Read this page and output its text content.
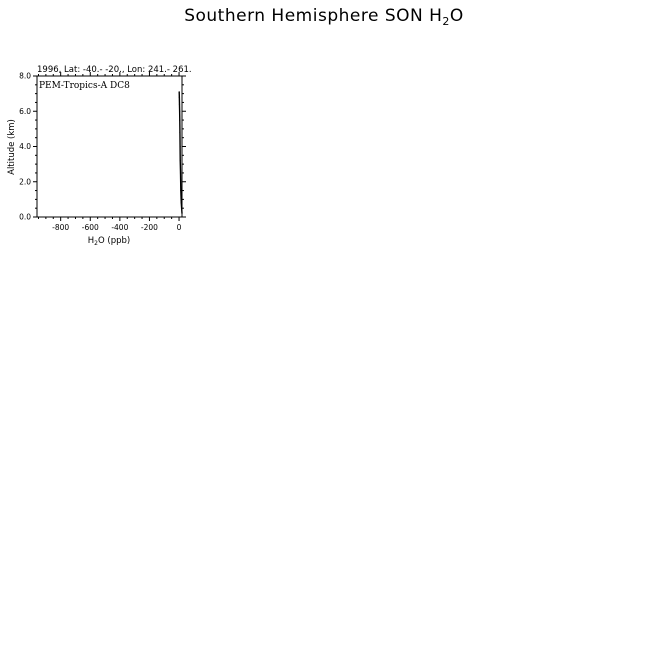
Southern Hemisphere SON $H_2O$
1996, Lat: -40.- -20., Lon: 241.- 261.
PEM-Tropics-A DC8
-800 -600 -400 -200 0
0.0
2.0
4.0
6.0
8.0
Altitude (km)
$H_2O$ (ppb)
